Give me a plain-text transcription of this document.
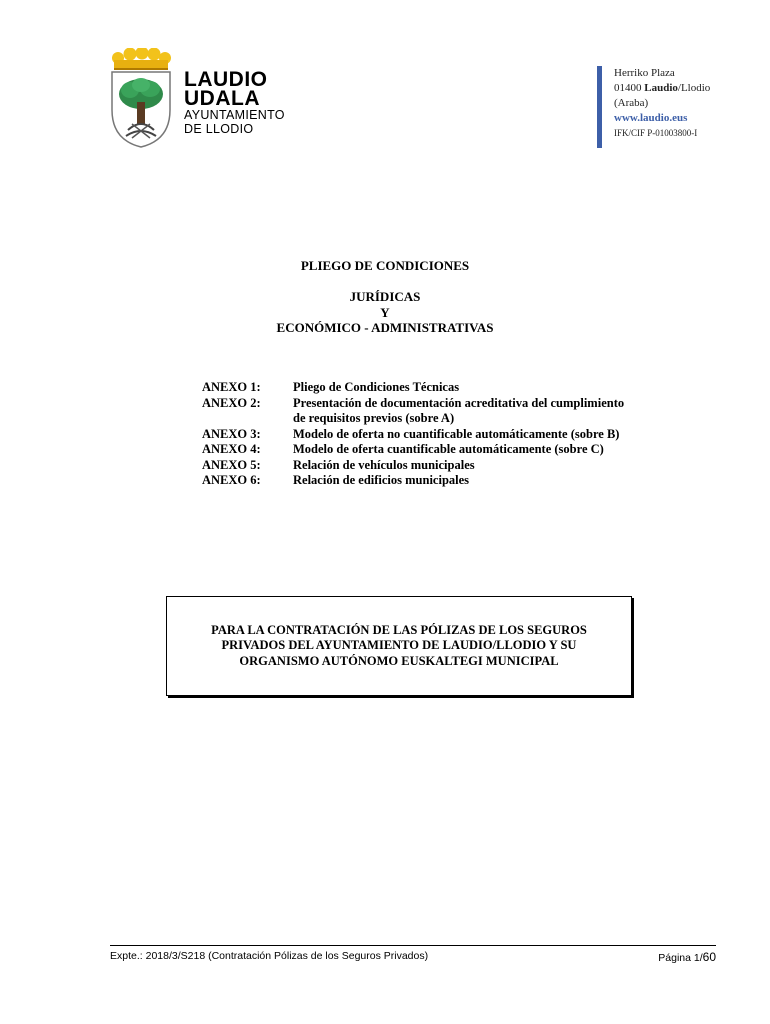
LAUDIO
UDALA
AYUNTAMIENTO
DE LLODIO
Herriko Plaza
01400 Laudio/Llodio
(Araba)
www.laudio.eus
IFK/CIF P-01003800-I
PLIEGO DE CONDICIONES
JURÍDICAS
Y
ECONÓMICO - ADMINISTRATIVAS
ANEXO 1:	Pliego de Condiciones Técnicas
ANEXO 2:	Presentación de documentación acreditativa del cumplimiento
de requisitos previos (sobre A)
ANEXO 3:	Modelo de oferta no cuantificable automáticamente (sobre B)
ANEXO 4:	Modelo de oferta cuantificable automáticamente (sobre C)
ANEXO 5:	Relación de vehículos municipales
ANEXO 6:	Relación de edificios municipales
PARA LA CONTRATACIÓN DE LAS PÓLIZAS DE LOS SEGUROS
PRIVADOS DEL AYUNTAMIENTO DE LAUDIO/LLODIO Y SU
ORGANISMO AUTÓNOMO EUSKALTEGI MUNICIPAL
Expte.: 2018/3/S218 (Contratación Pólizas de los Seguros Privados)	Página 1/60
